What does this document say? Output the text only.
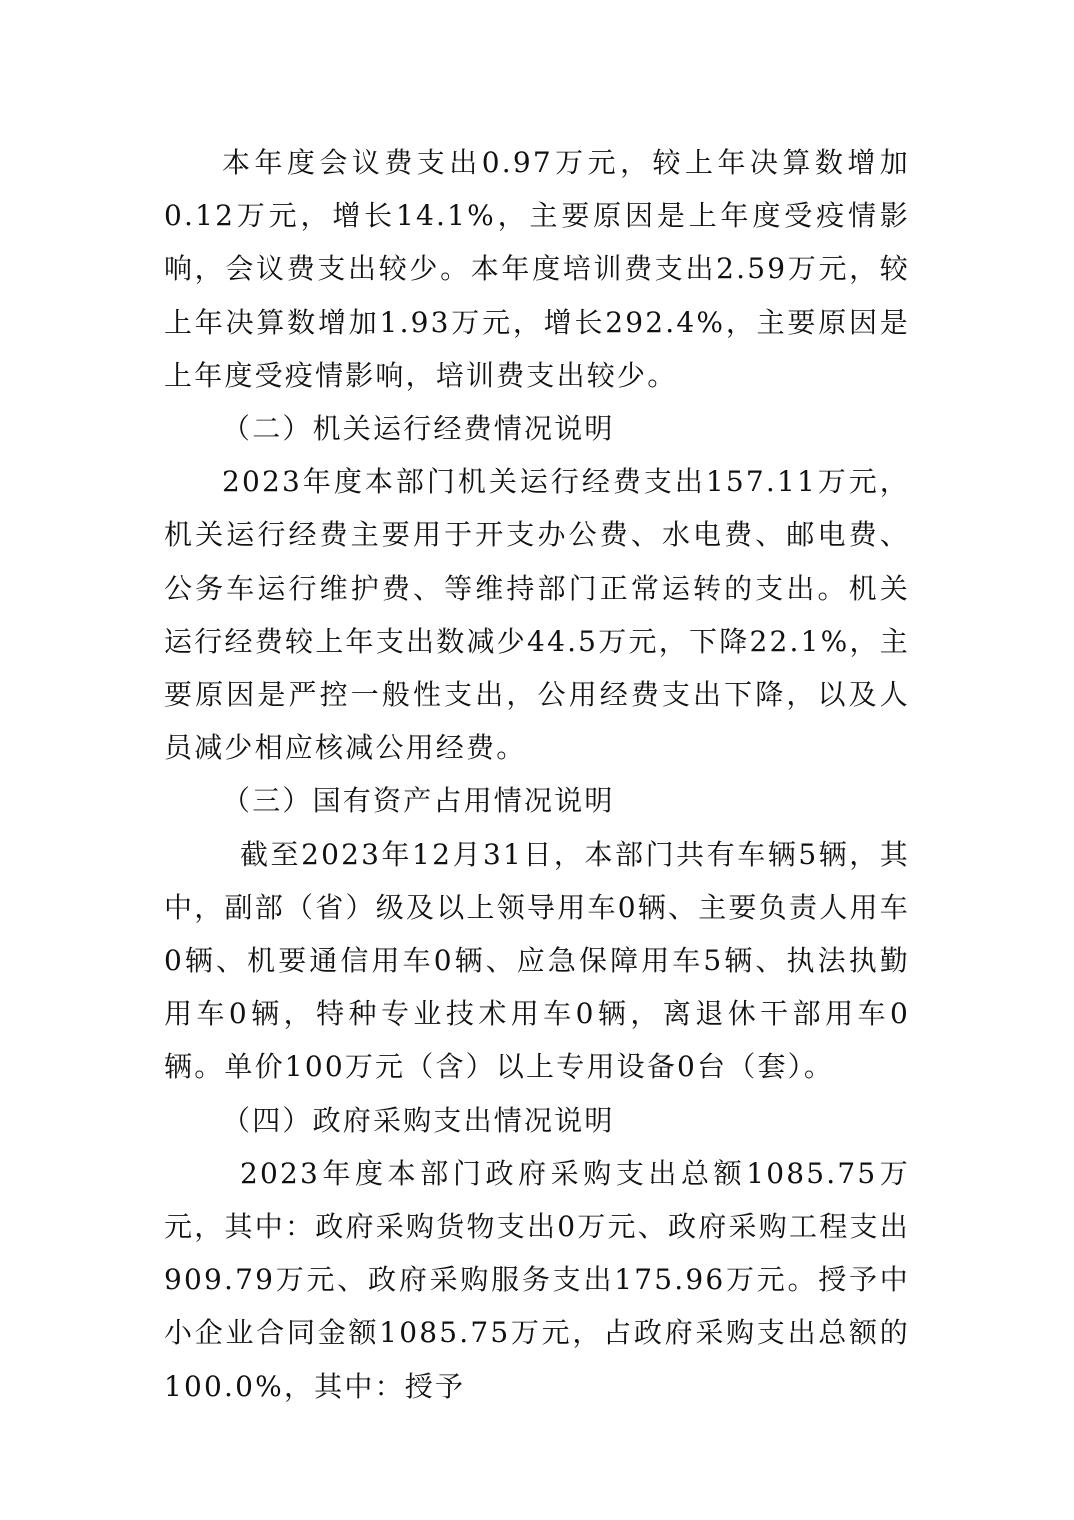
本年度会议费支出0.97万元，较上年决算数增加0.12万元，增长14.1%，主要原因是上年度受疫情影响，会议费支出较少。本年度培训费支出2.59万元，较上年决算数增加1.93万元，增长292.4%，主要原因是上年度受疫情影响，培训费支出较少。

（二）机关运行经费情况说明

2023年度本部门机关运行经费支出157.11万元，机关运行经费主要用于开支办公费、水电费、邮电费、公务车运行维护费、等维持部门正常运转的支出。机关运行经费较上年支出数减少44.5万元，下降22.1%，主要原因是严控一般性支出，公用经费支出下降，以及人员减少相应核减公用经费。

（三）国有资产占用情况说明

截至2023年12月31日，本部门共有车辆5辆，其中，副部（省）级及以上领导用车0辆、主要负责人用车0辆、机要通信用车0辆、应急保障用车5辆、执法执勤用车0辆，特种专业技术用车0辆，离退休干部用车0辆。单价100万元（含）以上专用设备0台（套）。

（四）政府采购支出情况说明

2023年度本部门政府采购支出总额1085.75万元，其中：政府采购货物支出0万元、政府采购工程支出909.79万元、政府采购服务支出175.96万元。授予中小企业合同金额1085.75万元，占政府采购支出总额的100.0%，其中：授予
